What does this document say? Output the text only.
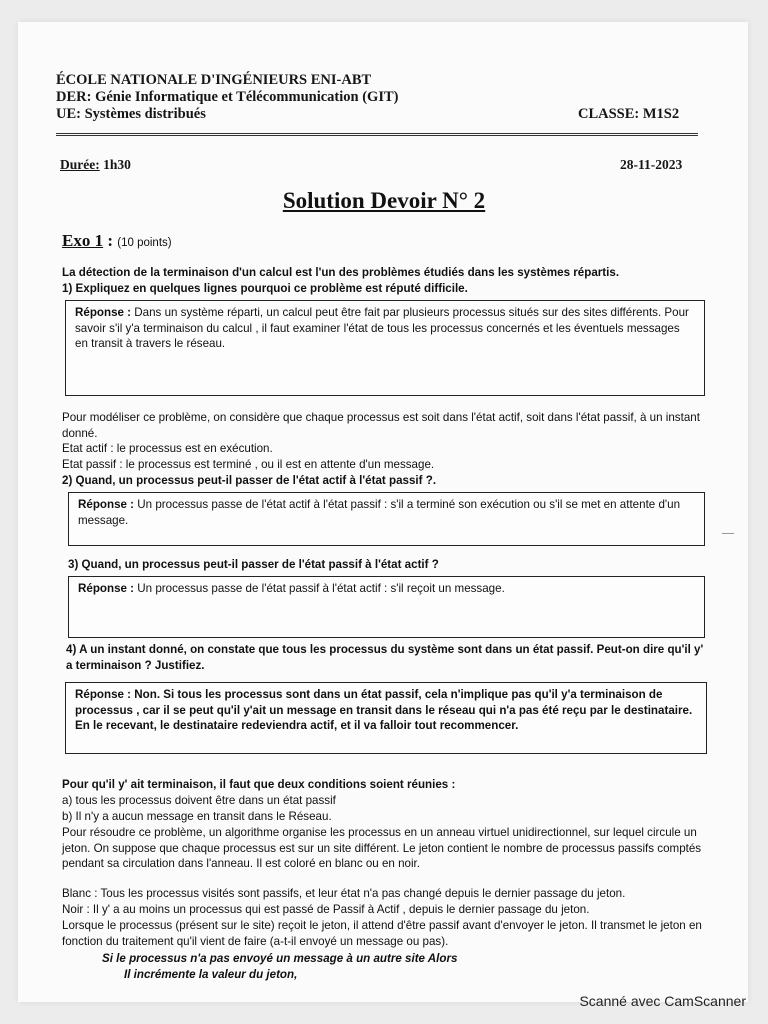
ÉCOLE NATIONALE D'INGÉNIEURS ENI-ABT
DER: Génie Informatique et Télécommunication (GIT)
UE: Systèmes distribués	CLASSE: M1S2
Durée: 1h30	28-11-2023
Solution Devoir N° 2
Exo 1 : (10 points)
La détection de la terminaison d'un calcul est l'un des problèmes étudiés dans les systèmes répartis.
1) Expliquez en quelques lignes pourquoi ce problème est réputé difficile.
Réponse : Dans un système réparti, un calcul peut être fait par plusieurs processus situés sur des sites différents. Pour savoir s'il y'a terminaison du calcul , il faut examiner l'état de tous les processus concernés et les éventuels messages en transit à travers le réseau.
Pour modéliser ce problème, on considère que chaque processus est soit dans l'état actif, soit dans l'état passif, à un instant donné.
Etat actif : le processus est en exécution.
Etat passif : le processus est terminé , ou il est en attente d'un message.
2) Quand, un processus peut-il passer de l'état actif à l'état passif ?.
Réponse : Un processus passe de l'état actif à l'état passif : s'il a terminé son exécution ou s'il se met en attente d'un message.
3) Quand, un processus peut-il passer de l'état passif à l'état actif ?
Réponse : Un processus passe de l'état passif à l'état actif : s'il reçoit un message.
4) A un instant donné, on constate que tous les processus du système sont dans un état passif. Peut-on dire qu'il y' a terminaison ? Justifiez.
Réponse : Non. Si tous les processus sont dans un état passif, cela n'implique pas qu'il y'a terminaison de processus , car il se peut qu'il y'ait un message en transit dans le réseau qui n'a pas été reçu par le destinataire. En le recevant, le destinataire redeviendra actif, et il va falloir tout recommencer.
Pour qu'il y' ait terminaison, il faut que deux conditions soient réunies :
a) tous les processus doivent être dans un état passif
b) Il n'y a aucun message en transit dans le Réseau.
Pour résoudre ce problème, un algorithme organise les processus en un anneau virtuel unidirectionnel, sur lequel circule un jeton. On suppose que chaque processus est sur un site différent. Le jeton contient le nombre de processus passifs comptés pendant sa circulation dans l'anneau. Il est coloré en blanc ou en noir.
Blanc : Tous les processus visités sont passifs, et leur état n'a pas changé depuis le dernier passage du jeton.
Noir : Il y' a au moins un processus qui est passé de Passif à Actif , depuis le dernier passage du jeton.
Lorsque le processus (présent sur le site) reçoit le jeton, il attend d'être passif avant d'envoyer le jeton. Il transmet le jeton en fonction du traitement qu'il vient de faire (a-t-il envoyé un message ou pas).
Si le processus n'a pas envoyé un message à un autre site Alors
Il incrémente la valeur du jeton,
Scanné avec CamScanner
